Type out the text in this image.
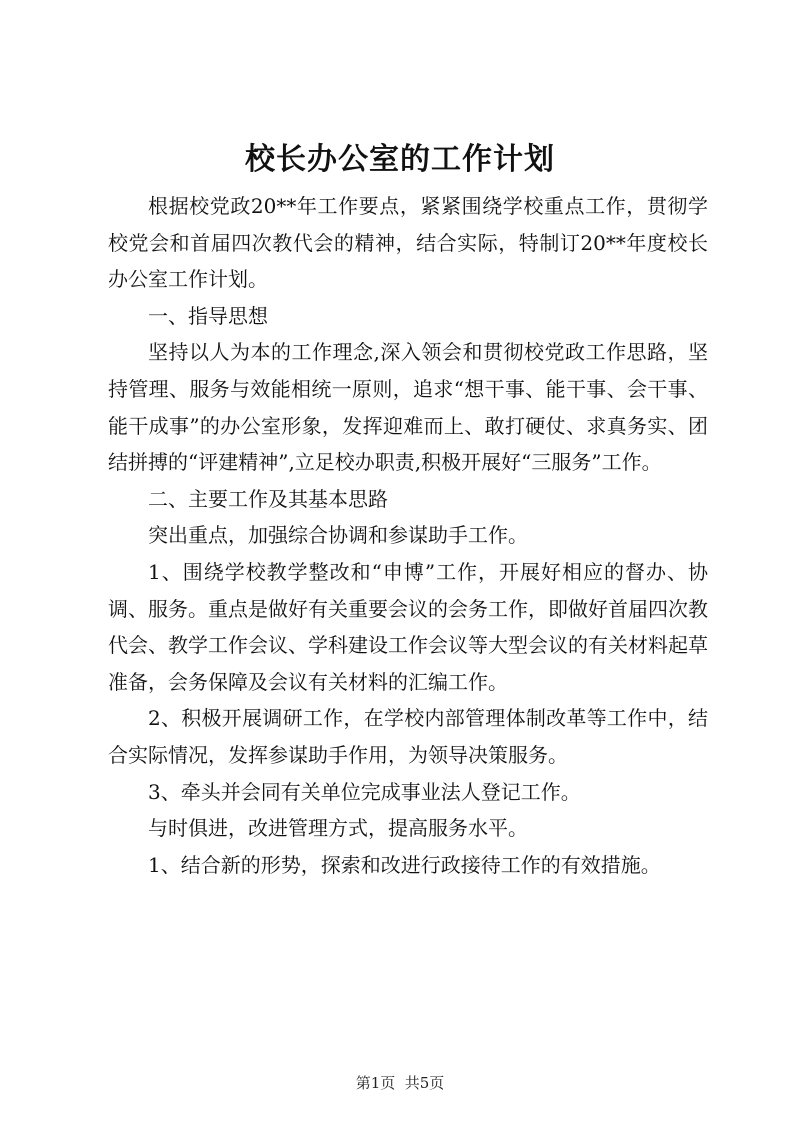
校长办公室的工作计划

根据校党政20**年工作要点，紧紧围绕学校重点工作，贯彻学校党会和首届四次教代会的精神，结合实际，特制订20**年度校长办公室工作计划。

一、指导思想

坚持以人为本的工作理念,深入领会和贯彻校党政工作思路，坚持管理、服务与效能相统一原则，追求“想干事、能干事、会干事、能干成事”的办公室形象，发挥迎难而上、敢打硬仗、求真务实、团结拼搏的“评建精神”,立足校办职责,积极开展好“三服务”工作。

二、主要工作及其基本思路

突出重点，加强综合协调和参谋助手工作。

1、围绕学校教学整改和“申博”工作，开展好相应的督办、协调、服务。重点是做好有关重要会议的会务工作，即做好首届四次教代会、教学工作会议、学科建设工作会议等大型会议的有关材料起草准备，会务保障及会议有关材料的汇编工作。

2、积极开展调研工作，在学校内部管理体制改革等工作中，结合实际情况，发挥参谋助手作用，为领导决策服务。

3、牵头并会同有关单位完成事业法人登记工作。

与时俱进，改进管理方式，提高服务水平。

1、结合新的形势，探索和改进行政接待工作的有效措施。

第1页  共5页
